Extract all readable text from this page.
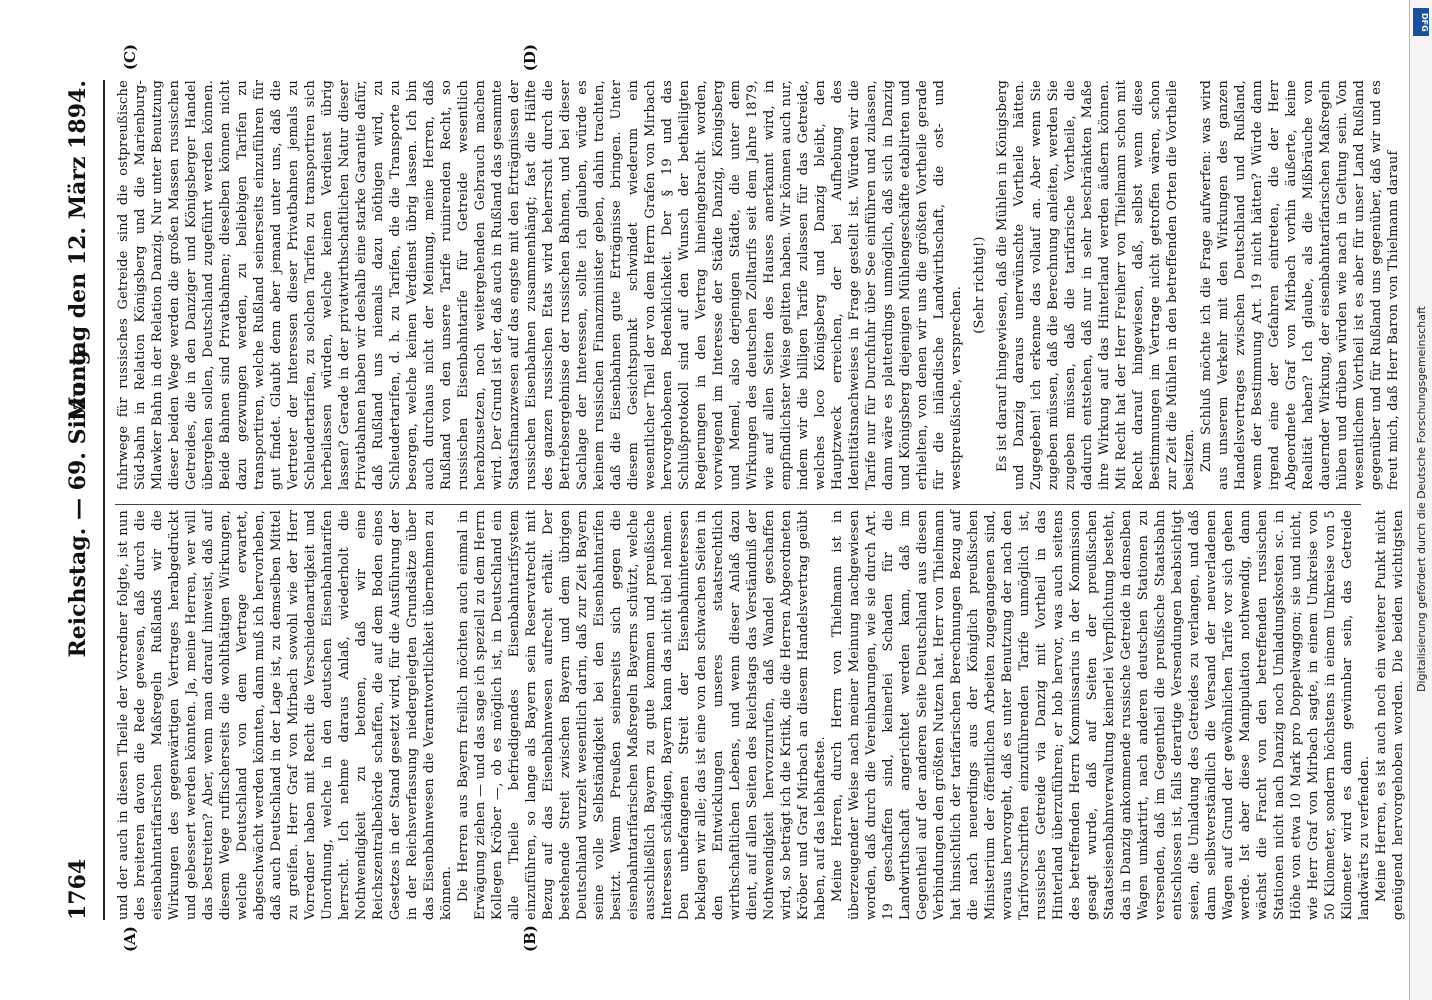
1764
Reichstag. — 69. Sitzung.
Montag den 12. März 1894.
(A)	(B)
(C)	(D)

und der auch in diesen Theile der Vorredner folgte, ist nun des breiteren davon die Rede gewesen, daß durch die eisenbahntarifarischen Maßregeln Rußlands wir die Wirkungen des gegenwärtigen Vertrages herabgedrückt und gebessert werden könnten. Ja, meine Herren, wer will das bestreiten? Aber, wenn man darauf hinweist, daß auf diesem Wege ruffischerseits die wohlthätigen Wirkungen, welche Deutschland von dem Vertrage erwartet, abgeschwächt werden könnten, dann muß ich hervorheben, daß auch Deutschland in der Lage ist, zu demselben Mittel zu greifen. Herr Graf von Mirbach sowohl wie der Herr Vorredner haben mit Recht die Verschiedenartigkeit und Unordnung, welche in den deutschen Eisenbahntarifen herrscht. Ich nehme daraus Anlaß, wiederholt die Nothwendigkeit zu betonen, daß wir eine Reichszentralbehörde schaffen, die auf dem Boden eines Gesetzes in der Stand gesetzt wird, für die Ausführung der in der Reichsverfassung niedergelegten Grundsätze über das Eisenbahnwesen die Verantwortlichkeit übernehmen zu können. Die Herren aus Bayern freilich möchten auch einmal in Erwägung ziehen — und das sage ich speziell zu dem Herrn Kollegen Kröber —, ob es möglich ist, in Deutschland ein alle Theile befriedigendes Eisenbahntarifsystem einzuführen, so lange als Bayern sein Reservatrecht mit Bezug auf das Eisenbahnwesen aufrecht erhält. Der bestehende Streit zwischen Bayern und dem übrigen Deutschland wurzelt wesentlich darin, daß zur Zeit Bayern seine volle Selbständigkeit bei den Eisenbahntarifen besitzt. Wenn Preußen seinerseits sich gegen die eisenbahntarifarischen Maßregeln Bayerns schützt, welche ausschließlich Bayern zu gute kommen und preußische Interessen schädigen, Bayern kann das nicht übel nehmen. Den unbefangenen Streit der Eisenbahninteressen beklagen wir alle; das ist eine von den schwachen Seiten in den Entwicklungen unseres staatsrechtlich wirthschaftlichen Lebens, und wenn dieser Anlaß dazu dient, auf allen Seiten des Reichstags das Verständniß der Nothwendigkeit hervorzurufen, daß Wandel geschaffen wird, so beträgt ich die Kritik, die die Herren Abgeordneten Kröber und Graf Mirbach an diesem Handelsvertrag geübt haben, auf das lebhafteste. Meine Herren, durch Herrn von Thielmann ist in überzeugender Weise nach meiner Meinung nachgewiesen worden, daß durch die Vereinbarungen, wie sie durch Art. 19 geschaffen sind, keinerlei Schaden für die Landwirthschaft angerichtet werden kann, daß im Gegentheil auf der anderen Seite Deutschland aus diesen Verbindungen den größten Nutzen hat. Herr von Thielmann hat hinsichtlich der tarifarischen Berechnungen Bezug auf die nach neuerdings aus der Königlich preußischen Ministerium der öffentlichen Arbeiten zugegangenen sind, woraus hervorgeht, daß es unter Benutzung der nach den Tarifvorschriften einzuführenden Tarife unmöglich ist, russisches Getreide via Danzig mit Vortheil in das Hinterland überzuführen; er hob hervor, was auch seitens des betreffenden Herrn Kommissarius in der Kommission gesagt wurde, daß auf Seiten der preußischen Staatseisenbahnverwaltung keinerlei Verpflichtung besteht, das in Danzig ankommende russische Getreide in denselben Wagen umkartirt, nach anderen deutschen Stationen zu versenden, daß im Gegentheil die preußische Staatsbahn entschlossen ist, falls derartige Versendungen beabsichtigt seien, die Umladung des Getreides zu verlangen, und daß dann selbstverständlich die Versand der neuverladenen Wagen auf Grund der gewöhnlichen Tarife vor sich gehen werde. Ist aber diese Manipulation nothwendig, dann wächst die Fracht von den betreffenden russischen Stationen nicht nach Danzig noch Umladungskosten sc. in Höhe von etwa 10 Mark pro Doppelwaggon; sie und nicht, wie Herr Graf von Mirbach sagte, in einem Umkreise von 50 Kilometer, sondern höchstens in einem Umkreise von 5 Kilometer wird es dann gewinnbar sein, das Getreide landwärts zu verfenden. Meine Herren, es ist auch noch ein weiterer Punkt nicht genügend hervorgehoben worden. Die beiden wichtigsten

fuhrwege für russisches Getreide sind die ostpreußische Süd-bahn in Relation Königsberg und die Marienburg-Mlawker Bahn in der Relation Danzig. Nur unter Benutzung dieser beiden Wege werden die großen Massen russischen Getreides, die in den Danziger und Königsberger Handel übergehen sollen, Deutschland zugeführt werden können. Beide Bahnen sind Privatbahnen; dieselben können nicht dazu gezwungen werden, zu beliebigen Tarifen zu transportiren, welche Rußland seinerseits einzuführen für gut findet. Glaubt denn aber jemand unter uns, daß die Vertreter der Interessen dieser Privatbahnen jemals zu Schleudertarifen, zu solchen Tarifen zu transportiren sich herbeilassen würden, welche keinen Verdienst übrig lassen? Gerade in der privatwirthschaftlichen Natur dieser Privatbahnen haben wir deshalb eine starke Garantie dafür, daß Rußland uns niemals dazu nöthigen wird, zu Schleudertarifen, d. h. zu Tarifen, die die Transporte zu besorgen, welche keinen Verdienst übrig lassen. Ich bin auch durchaus nicht der Meinung, meine Herren, daß Rußland von den unsere Tarife ruinirenden Recht, so russischen Eisenbahntarife für Getreide wesentlich herabzusetzen, noch weitergehenden Gebrauch machen wird. Der Grund ist der, daß auch in Rußland das gesammte Staatsfinanzwesen auf das engste mit den Erträgnissen der russischen Eisenbahnen zusammenhängt; fast die Hälfte des ganzen russischen Etats wird beherrscht durch die Betriebsergebnisse der russischen Bahnen, und bei dieser Sachlage der Interessen, sollte ich glauben, würde es keinem russischen Finanzminister geben, dahin trachten, daß die Eisenbahnen gute Erträgnisse bringen. Unter diesem Gesichtspunkt schwindet wiederum ein wesentlicher Theil der von dem Herrn Grafen von Mirbach hervorgehobenen Bedenklichkeit. Der § 19 und das Schlußprotokoll sind auf den Wunsch der betheiligten Regierungen in den Vertrag hineingebracht worden, vorwiegend im Interesse der Städte Danzig, Königsberg und Memel, also derjenigen Städte, die unter dem Wirkungen des deutschen Zolltarifs seit dem Jahre 1879, wie auf allen Seiten des Hauses anerkannt wird, in empfindlichster Weise gelitten haben. Wir können auch nur, indem wir die billigen Tarife zulassen für das Getreide, welches loco Königsberg und Danzig bleibt, den Hauptzweck erreichen, der bei Aufhebung des Identitätsnachweises in Frage gestellt ist. Würden wir die Tarife nur für Durchfuhr über See einführen und zulassen, dann wäre es platterdings unmöglich, daß sich in Danzig und Königsberg diejenigen Mühlengeschäfte etablirten und erhielten, von denen wir uns die größten Vortheile gerade für die inländische Landwirthschaft, die ost- und westpreußische, versprechen.

(Sehr richtig!) Es ist darauf hingewiesen, daß die Mühlen in Königsberg und Danzig daraus unerwünschte Vortheile hätten. Zugegeben! ich erkenne das vollauf an. Aber wenn Sie zugeben müssen, daß die Berechnung anleiten, werden Sie zugeben müssen, daß die tarifarische Vortheile, die dadurch entstehen, daß nur in sehr beschränkten Maße ihre Wirkung auf das Hinterland werden äußern können. Mit Recht hat der Herr Freiherr von Thielmann schon mit Recht darauf hingewiesen, daß, selbst wenn diese Bestimmungen im Vertrage nicht getroffen wären, schon zur Zeit die Mühlen in den betreffenden Orten die Vortheile besitzen. Zum Schluß möchte ich die Frage aufwerfen: was wird aus unserem Verkehr mit den Wirkungen des ganzen Handelsvertrages zwischen Deutschland und Rußland, wenn der Bestimmung Art. 19 nicht hätten? Würde dann irgend eine der Gefahren eintreten, die der Herr Abgeordnete Graf von Mirbach vorhin äußerte, keine Realität haben? Ich glaube, als die Mißbräuche von dauernder Wirkung, der eisenbahntarifarischen Maßregeln hüben und drüben würden wie nach in Geltung sein. Von wesentlichem Vortheil ist es aber für unser Land Rußland gegenüber und für Rußland uns gegenüber, daß wir und es freut mich, daß Herr Baron von Thielmann darauf

DFG
Digitalisierung gefördert durch die Deutsche Forschungsgemeinschaft
